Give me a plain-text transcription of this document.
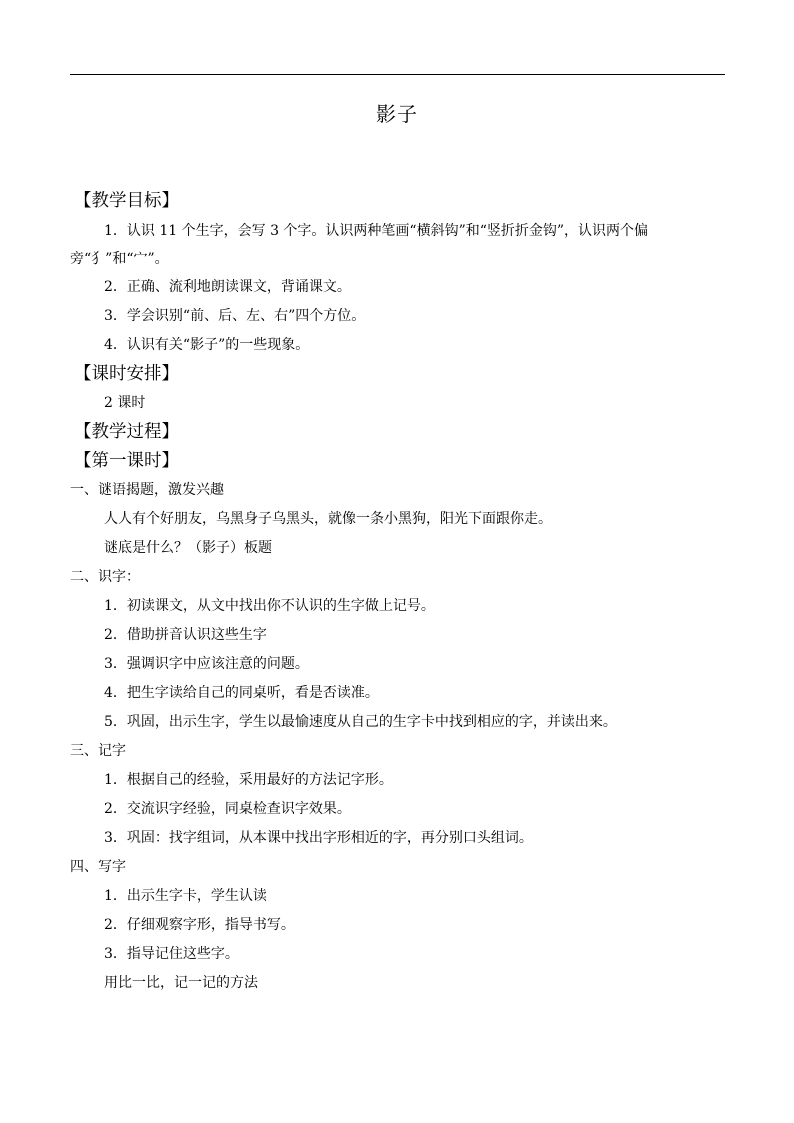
影子
【教学目标】
1．认识 11 个生字，会写 3 个字。认识两种笔画“横斜钩”和“竖折折金钩”，认识两个偏旁“犭”和“宀”。
2．正确、流利地朗读课文，背诵课文。
3．学会识别“前、后、左、右”四个方位。
4．认识有关“影子”的一些现象。
【课时安排】
2 课时
【教学过程】
【第一课时】
一、谜语揭题，激发兴趣
人人有个好朋友，乌黑身子乌黑头，就像一条小黑狗，阳光下面跟你走。
谜底是什么？（影子）板题
二、识字：
1．初读课文，从文中找出你不认识的生字做上记号。
2．借助拼音认识这些生字
3．强调识字中应该注意的问题。
4．把生字读给自己的同桌听，看是否读准。
5．巩固，出示生字，学生以最愉速度从自己的生字卡中找到相应的字，并读出来。
三、记字
1．根据自己的经验，采用最好的方法记字形。
2．交流识字经验，同桌检查识字效果。
3．巩固：找字组词，从本课中找出字形相近的字，再分别口头组词。
四、写字
1．出示生字卡，学生认读
2．仔细观察字形，指导书写。
3．指导记住这些字。
用比一比，记一记的方法
